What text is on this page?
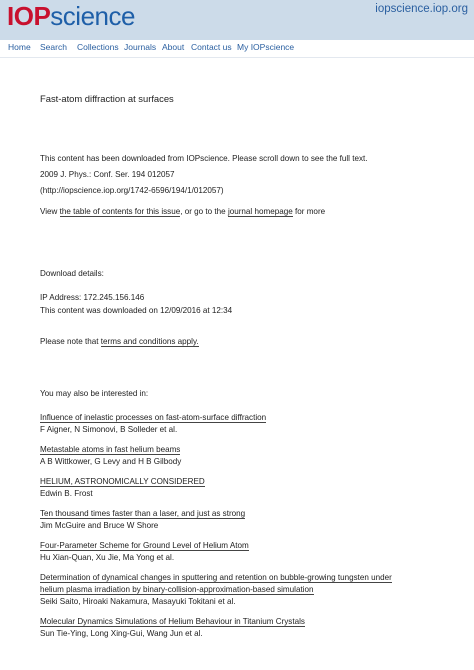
IOPscience	iopscience.iop.org
Home Search Collections Journals About Contact us My IOPscience
Fast-atom diffraction at surfaces
This content has been downloaded from IOPscience. Please scroll down to see the full text.
2009 J. Phys.: Conf. Ser. 194 012057
(http://iopscience.iop.org/1742-6596/194/1/012057)
View the table of contents for this issue, or go to the journal homepage for more
Download details:
IP Address: 172.245.156.146
This content was downloaded on 12/09/2016 at 12:34
Please note that terms and conditions apply.
You may also be interested in:
Influence of inelastic processes on fast-atom-surface diffraction
F Aigner, N Simonovi, B Solleder et al.
Metastable atoms in fast helium beams
A B Wittkower, G Levy and H B Gilbody
HELIUM, ASTRONOMICALLY CONSIDERED
Edwin B. Frost
Ten thousand times faster than a laser, and just as strong
Jim McGuire and Bruce W Shore
Four-Parameter Scheme for Ground Level of Helium Atom
Hu Xian-Quan, Xu Jie, Ma Yong et al.
Determination of dynamical changes in sputtering and retention on bubble-growing tungsten under
helium plasma irradiation by binary-collision-approximation-based simulation
Seiki Saito, Hiroaki Nakamura, Masayuki Tokitani et al.
Molecular Dynamics Simulations of Helium Behaviour in Titanium Crystals
Sun Tie-Ying, Long Xing-Gui, Wang Jun et al.
